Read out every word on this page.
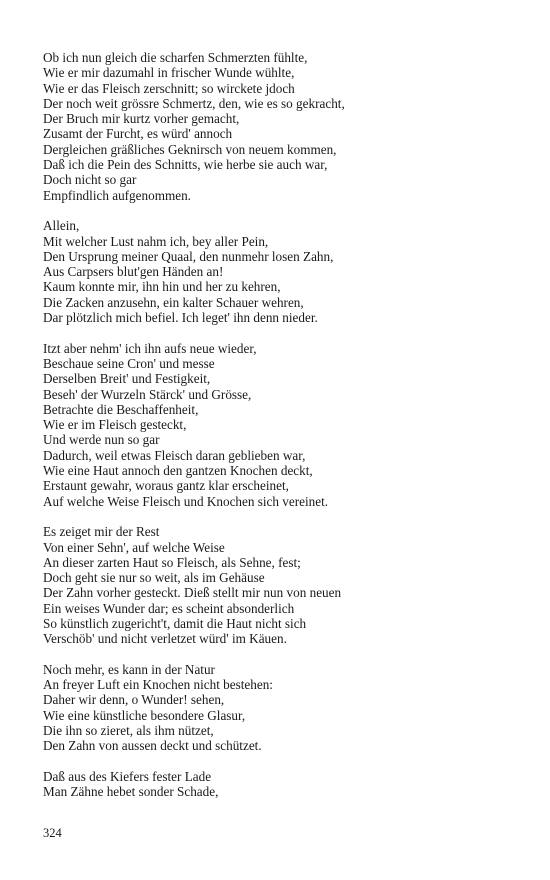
Ob ich nun gleich die scharfen Schmerzten fühlte,
Wie er mir dazumahl in frischer Wunde wühlte,
Wie er das Fleisch zerschnitt; so wirckete jdoch
Der noch weit grössre Schmertz, den, wie es so gekracht,
Der Bruch mir kurtz vorher gemacht,
Zusamt der Furcht, es würd' annoch
Dergleichen gräßliches Geknirsch von neuem kommen,
Daß ich die Pein des Schnitts, wie herbe sie auch war,
Doch nicht so gar
Empfindlich aufgenommen.
Allein,
Mit welcher Lust nahm ich, bey aller Pein,
Den Ursprung meiner Quaal, den nunmehr losen Zahn,
Aus Carpsers blut'gen Händen an!
Kaum konnte mir, ihn hin und her zu kehren,
Die Zacken anzusehn, ein kalter Schauer wehren,
Dar plötzlich mich befiel. Ich leget' ihn denn nieder.
Itzt aber nehm' ich ihn aufs neue wieder,
Beschaue seine Cron' und messe
Derselben Breit' und Festigkeit,
Beseh' der Wurzeln Stärck' und Grösse,
Betrachte die Beschaffenheit,
Wie er im Fleisch gesteckt,
Und werde nun so gar
Dadurch, weil etwas Fleisch daran geblieben war,
Wie eine Haut annoch den gantzen Knochen deckt,
Erstaunt gewahr, woraus gantz klar erscheinet,
Auf welche Weise Fleisch und Knochen sich vereinet.
Es zeiget mir der Rest
Von einer Sehn', auf welche Weise
An dieser zarten Haut so Fleisch, als Sehne, fest;
Doch geht sie nur so weit, als im Gehäuse
Der Zahn vorher gesteckt. Dieß stellt mir nun von neuen
Ein weises Wunder dar; es scheint absonderlich
So künstlich zugericht't, damit die Haut nicht sich
Verschöb' und nicht verletzet würd' im Käuen.
Noch mehr, es kann in der Natur
An freyer Luft ein Knochen nicht bestehen:
Daher wir denn, o Wunder! sehen,
Wie eine künstliche besondere Glasur,
Die ihn so zieret, als ihm nützet,
Den Zahn von aussen deckt und schützet.
Daß aus des Kiefers fester Lade
Man Zähne hebet sonder Schade,
324
